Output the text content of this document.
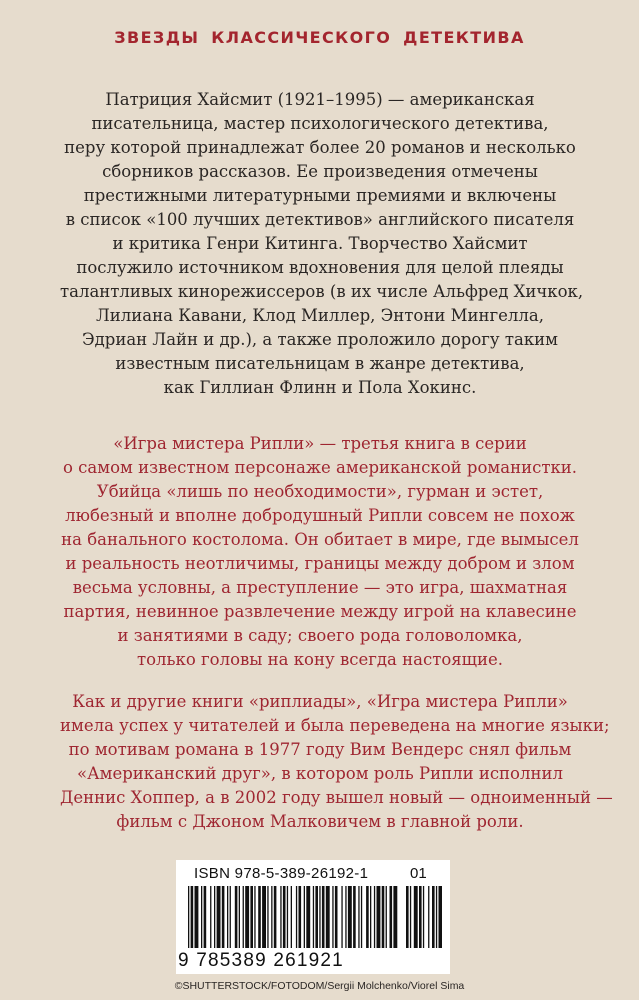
ЗВЕЗДЫ КЛАССИЧЕСКОГО ДЕТЕКТИВА
Патриция Хайсмит (1921–1995) — американская
писательница, мастер психологического детектива,
перу которой принадлежат более 20 романов и несколько
сборников рассказов. Ее произведения отмечены
престижными литературными премиями и включены
в список «100 лучших детективов» английского писателя
и критика Генри Китинга. Творчество Хайсмит
послужило источником вдохновения для целой плеяды
талантливых кинорежиссеров (в их числе Альфред Хичкок,
Лилиана Кавани, Клод Миллер, Энтони Мингелла,
Эдриан Лайн и др.), а также проложило дорогу таким
известным писательницам в жанре детектива,
как Гиллиан Флинн и Пола Хокинс.
«Игра мистера Рипли» — третья книга в серии
о самом известном персонаже американской романистки.
Убийца «лишь по необходимости», гурман и эстет,
любезный и вполне добродушный Рипли совсем не похож
на банального костолома. Он обитает в мире, где вымысел
и реальность неотличимы, границы между добром и злом
весьма условны, а преступление — это игра, шахматная
партия, невинное развлечение между игрой на клавесине
и занятиями в саду; своего рода головоломка,
только головы на кону всегда настоящие.
Как и другие книги «риплиады», «Игра мистера Рипли»
имела успех у читателей и была переведена на многие языки;
по мотивам романа в 1977 году Вим Вендерс снял фильм
«Американский друг», в котором роль Рипли исполнил
Деннис Хоппер, а в 2002 году вышел новый — одноименный —
фильм с Джоном Малковичем в главной роли.
ISBN 978-5-389-26192-1	01
9 785389 261921
©SHUTTERSTOCK/FOTODOM/Sergii Molchenko/Viorel Sima
